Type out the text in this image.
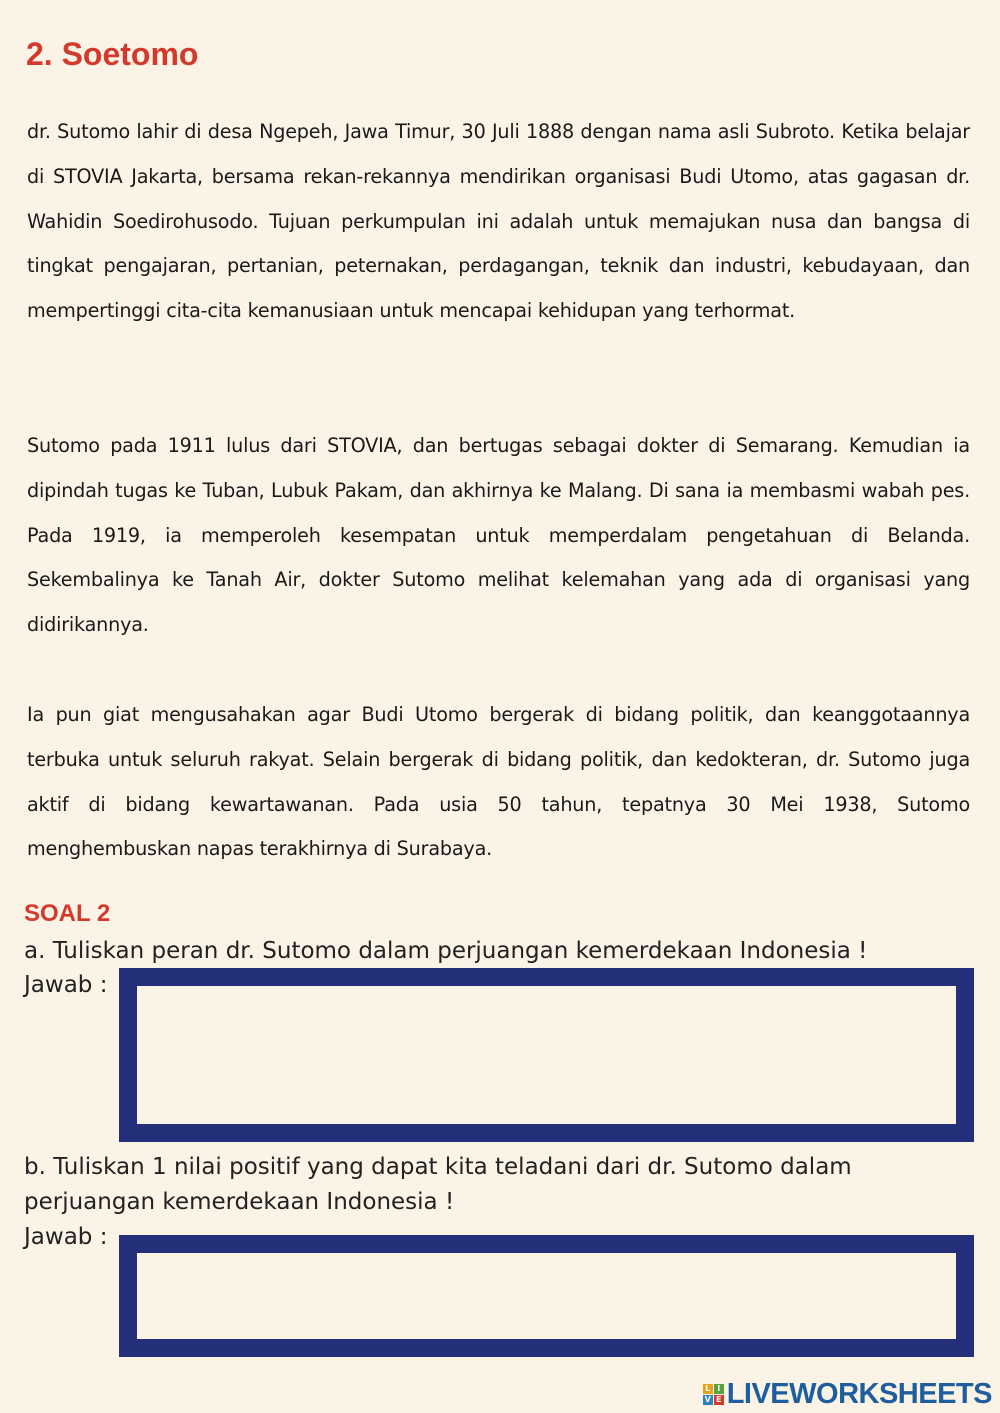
2. Soetomo

dr. Sutomo lahir di desa Ngepeh, Jawa Timur, 30 Juli 1888 dengan nama asli Subroto. Ketika belajar di STOVIA Jakarta, bersama rekan-rekannya mendirikan organisasi Budi Utomo, atas gagasan dr. Wahidin Soedirohusodo. Tujuan perkumpulan ini adalah untuk memajukan nusa dan bangsa di tingkat pengajaran, pertanian, peternakan, perdagangan, teknik dan industri, kebudayaan, dan mempertinggi cita-cita kemanusiaan untuk mencapai kehidupan yang terhormat.

Sutomo pada 1911 lulus dari STOVIA, dan bertugas sebagai dokter di Semarang. Kemudian ia dipindah tugas ke Tuban, Lubuk Pakam, dan akhirnya ke Malang. Di sana ia membasmi wabah pes. Pada 1919, ia memperoleh kesempatan untuk memperdalam pengetahuan di Belanda. Sekembalinya ke Tanah Air, dokter Sutomo melihat kelemahan yang ada di organisasi yang didirikannya.

Ia pun giat mengusahakan agar Budi Utomo bergerak di bidang politik, dan keanggotaannya terbuka untuk seluruh rakyat. Selain bergerak di bidang politik, dan kedokteran, dr. Sutomo juga aktif di bidang kewartawanan. Pada usia 50 tahun, tepatnya 30 Mei 1938, Sutomo menghembuskan napas terakhirnya di Surabaya.

SOAL 2

a. Tuliskan peran dr. Sutomo dalam perjuangan kemerdekaan Indonesia !

Jawab :

b. Tuliskan 1 nilai positif yang dapat kita teladani dari dr. Sutomo dalam perjuangan kemerdekaan Indonesia !

Jawab :

L I
V E LIVEWORKSHEETS
